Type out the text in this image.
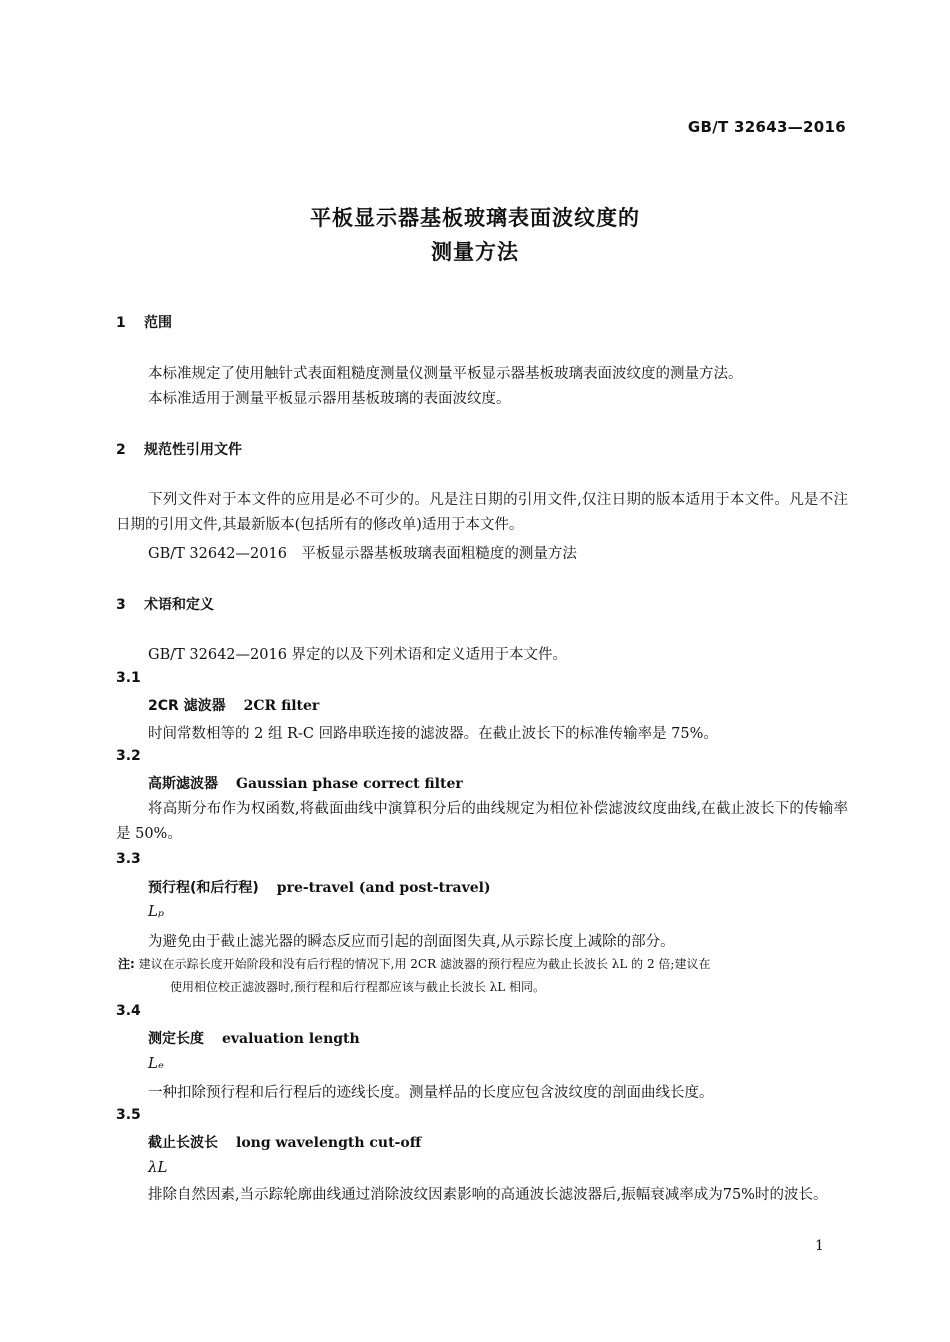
GB/T 32643—2016
平板显示器基板玻璃表面波纹度的
测量方法
1 范围
本标准规定了使用触针式表面粗糙度测量仪测量平板显示器基板玻璃表面波纹度的测量方法。
本标准适用于测量平板显示器用基板玻璃的表面波纹度。
2 规范性引用文件
下列文件对于本文件的应用是必不可少的。凡是注日期的引用文件,仅注日期的版本适用于本文件。凡是不注日期的引用文件,其最新版本(包括所有的修改单)适用于本文件。
GB/T 32642—2016　平板显示器基板玻璃表面粗糙度的测量方法
3 术语和定义
GB/T 32642—2016 界定的以及下列术语和定义适用于本文件。
3.1
2CR 滤波器 2CR filter
时间常数相等的 2 组 R-C 回路串联连接的滤波器。在截止波长下的标准传输率是 75%。
3.2
高斯滤波器 Gaussian phase correct filter
将高斯分布作为权函数,将截面曲线中演算积分后的曲线规定为相位补偿滤波纹度曲线,在截止波长下的传输率是 50%。
3.3
预行程(和后行程) pre-travel (and post-travel)
Lₚ
为避免由于截止滤光器的瞬态反应而引起的剖面图失真,从示踪长度上减除的部分。
注: 建议在示踪长度开始阶段和没有后行程的情况下,用 2CR 滤波器的预行程应为截止长波长 λL 的 2 倍;建议在
使用相位校正滤波器时,预行程和后行程都应该与截止长波长 λL 相同。
3.4
测定长度 evaluation length
Lₑ
一种扣除预行程和后行程后的迹线长度。测量样品的长度应包含波纹度的剖面曲线长度。
3.5
截止长波长 long wavelength cut-off
λL
排除自然因素,当示踪轮廓曲线通过消除波纹因素影响的高通波长滤波器后,振幅衰减率成为75%时的波长。
1
